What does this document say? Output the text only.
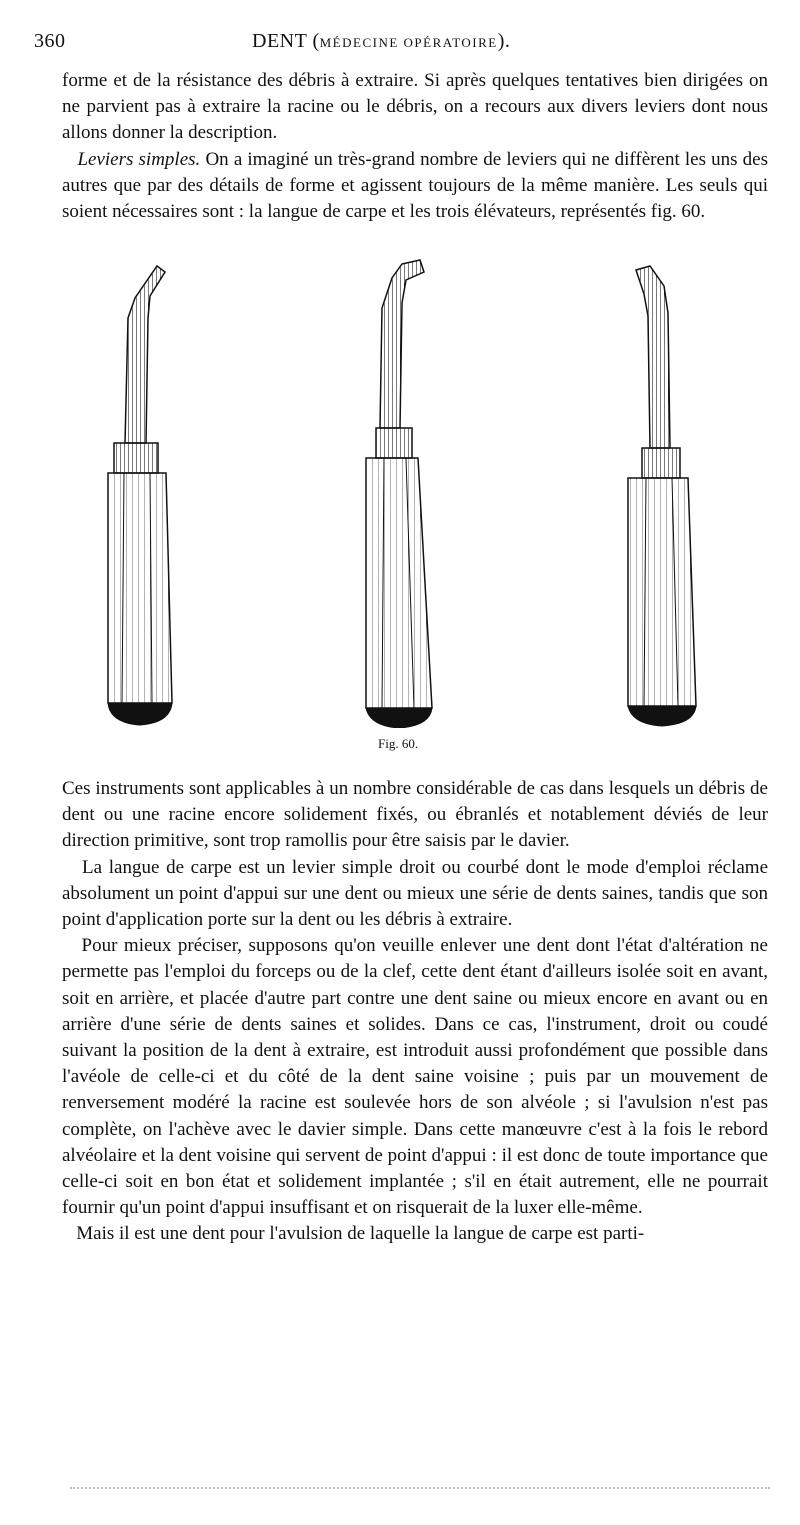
360	DENT (MÉDECINE OPÉRATOIRE).

forme et de la résistance des débris à extraire. Si après quelques tentatives bien dirigées on ne parvient pas à extraire la racine ou le débris, on a recours aux divers leviers dont nous allons donner la description.

Leviers simples. On a imaginé un très-grand nombre de leviers qui ne diffèrent les uns des autres que par des détails de forme et agissent toujours de la même manière. Les seuls qui soient nécessaires sont : la langue de carpe et les trois élévateurs, représentés fig. 60.

Fig. 60.

Ces instruments sont applicables à un nombre considérable de cas dans lesquels un débris de dent ou une racine encore solidement fixés, ou ébranlés et notablement déviés de leur direction primitive, sont trop ramollis pour être saisis par le davier.

La langue de carpe est un levier simple droit ou courbé dont le mode d'emploi réclame absolument un point d'appui sur une dent ou mieux une série de dents saines, tandis que son point d'application porte sur la dent ou les débris à extraire.

Pour mieux préciser, supposons qu'on veuille enlever une dent dont l'état d'altération ne permette pas l'emploi du forceps ou de la clef, cette dent étant d'ailleurs isolée soit en avant, soit en arrière, et placée d'autre part contre une dent saine ou mieux encore en avant ou en arrière d'une série de dents saines et solides. Dans ce cas, l'instrument, droit ou coudé suivant la position de la dent à extraire, est introduit aussi profondément que possible dans l'avéole de celle-ci et du côté de la dent saine voisine ; puis par un mouvement de renversement modéré la racine est soulevée hors de son alvéole ; si l'avulsion n'est pas complète, on l'achève avec le davier simple. Dans cette manœuvre c'est à la fois le rebord alvéolaire et la dent voisine qui servent de point d'appui : il est donc de toute importance que celle-ci soit en bon état et solidement implantée ; s'il en était autrement, elle ne pourrait fournir qu'un point d'appui insuffisant et on risquerait de la luxer elle-même.

Mais il est une dent pour l'avulsion de laquelle la langue de carpe est parti-
